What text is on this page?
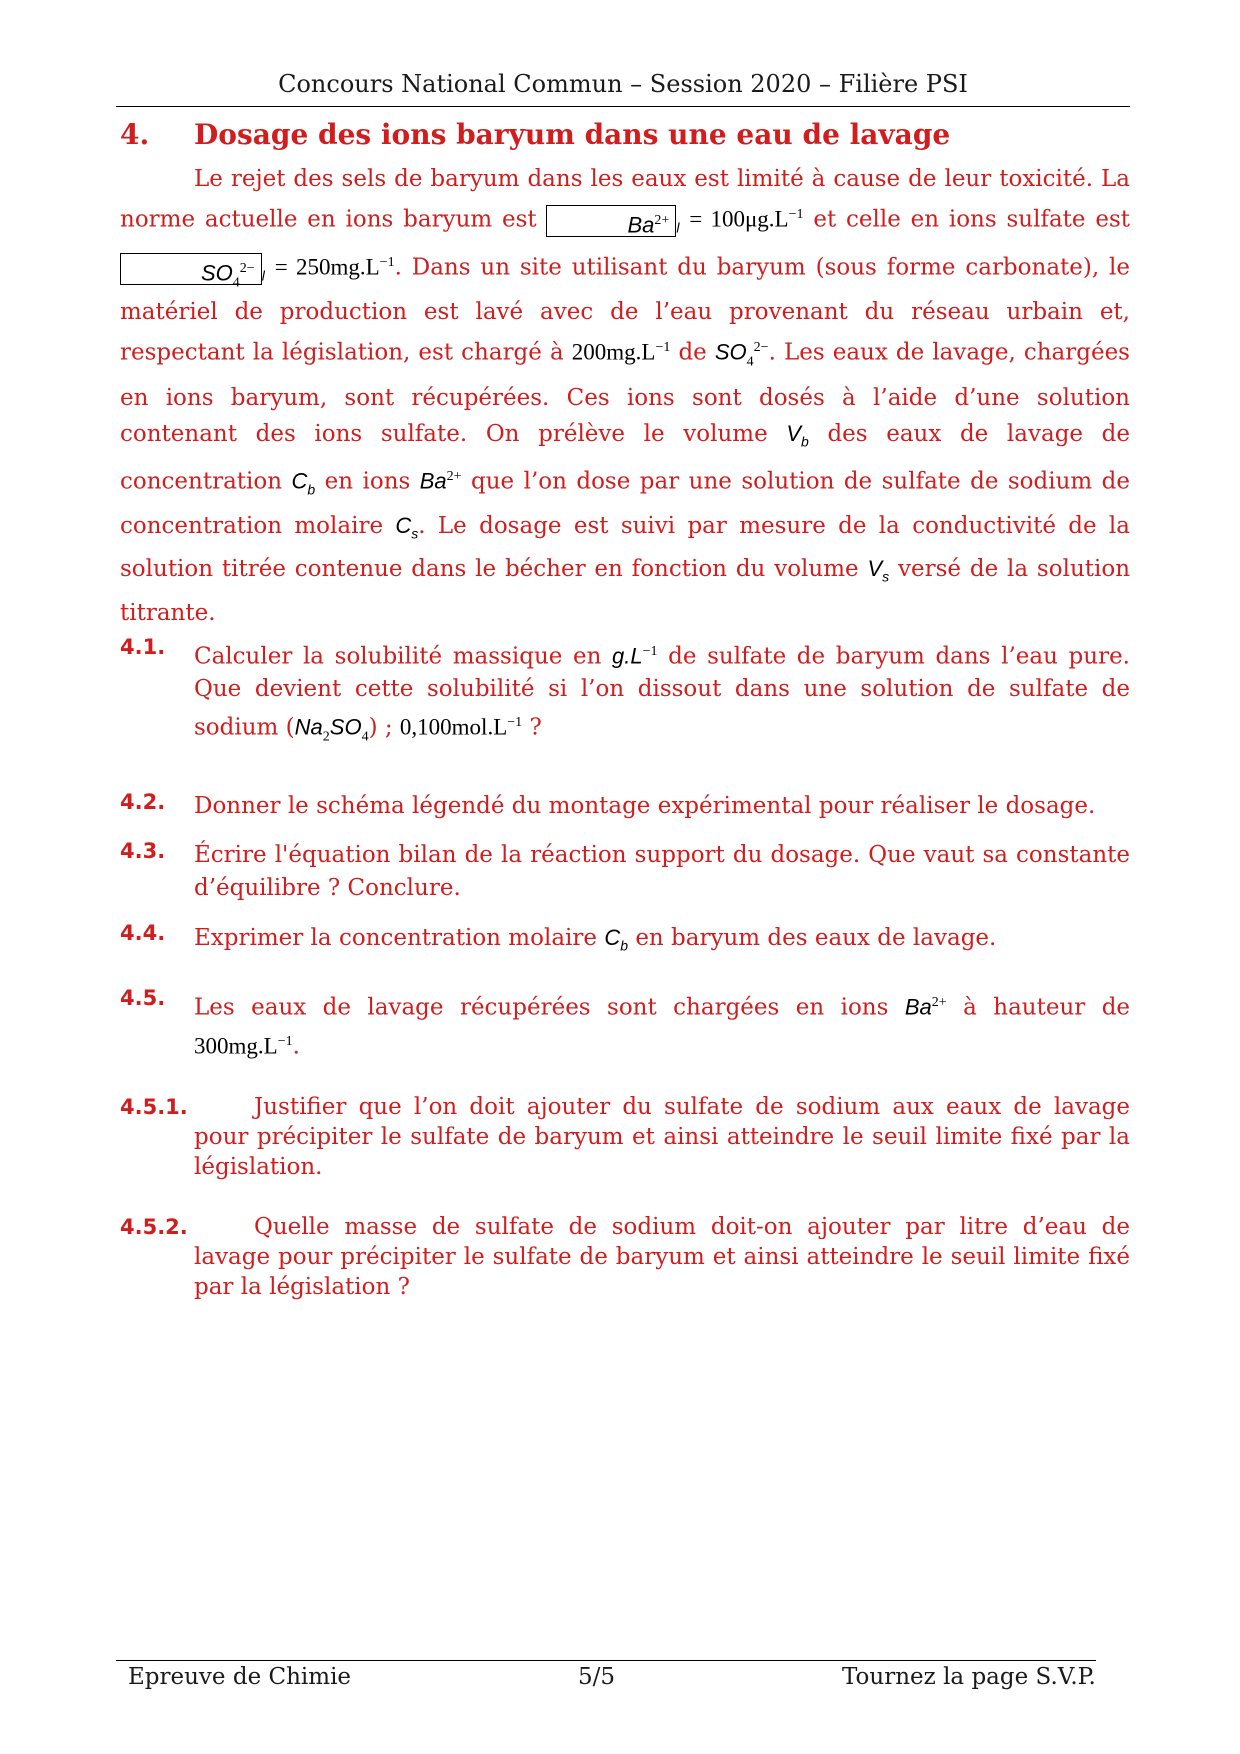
Concours National Commun – Session 2020 – Filière PSI
4.	Dosage des ions baryum dans une eau de lavage

Le rejet des sels de baryum dans les eaux est limité à cause de leur toxicité. La norme actuelle en ions baryum est	$Ba^{2+}$ $_l = 100\mu g.L^{-1}$ et celle en ions sulfate est $SO_4^{2-}$ $_l = 250mg.L^{-1}$. Dans un site utilisant du baryum (sous forme carbonate), le matériel de production est lavé avec de l’eau provenant du réseau urbain et, respectant la législation, est chargé à $200mg.L^{-1}$ de $SO_4^{2-}$. Les eaux de lavage, chargées en ions baryum, sont récupérées. Ces ions sont dosés à l’aide d’une solution contenant des ions sulfate. On prélève le volume $V_b$ des eaux de lavage de concentration $C_b$ en ions $Ba^{2+}$ que l’on dose par une solution de sulfate de sodium de concentration molaire $C_s$. Le dosage est suivi par mesure de la conductivité de la solution titrée contenue dans le bécher en fonction du volume $V_s$ versé de la solution titrante.

4.1.	Calculer la solubilité massique en $g.L^{-1}$ de sulfate de baryum dans l’eau pure. Que devient cette solubilité si l’on dissout dans une solution de sulfate de sodium $(Na_2SO_4)$ ; $0,100mol.L^{-1}$ ?
4.2.	Donner le schéma légendé du montage expérimental pour réaliser le dosage.
4.3.	Écrire l'équation bilan de la réaction support du dosage. Que vaut sa constante d’équilibre ? Conclure.
4.4.	Exprimer la concentration molaire $C_b$ en baryum des eaux de lavage.
4.5.	Les eaux de lavage récupérées sont chargées en ions $Ba^{2+}$ à hauteur de $300mg.L^{-1}$.
4.5.1.	Justifier que l’on doit ajouter du sulfate de sodium aux eaux de lavage pour précipiter le sulfate de baryum et ainsi atteindre le seuil limite fixé par la législation.
4.5.2.	Quelle masse de sulfate de sodium doit-on ajouter par litre d’eau de lavage pour précipiter le sulfate de baryum et ainsi atteindre le seuil limite fixé par la législation ?
Epreuve de Chimie	5/5	Tournez la page S.V.P.
